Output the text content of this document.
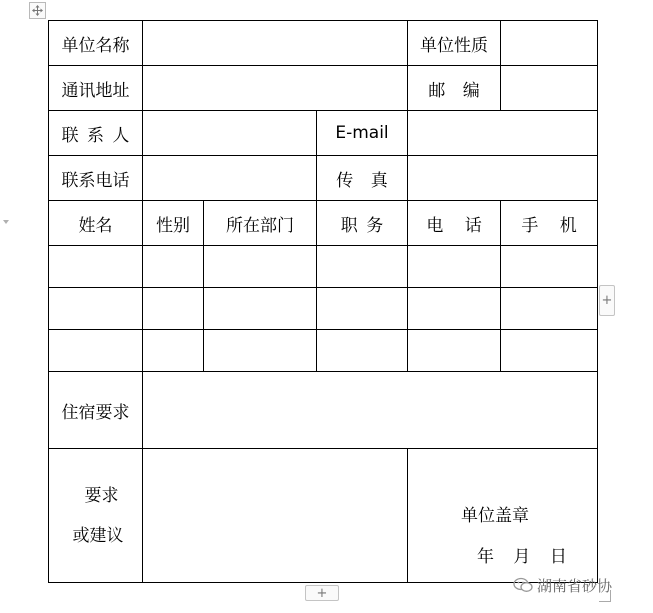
单位名称				单位性质	
通讯地址				邮 编	
联 系 人			E-mail		
联系电话			传 真		
姓名	性别	所在部门	职 务	电 话	手 机

住宿要求					

要求
或建议				单位盖章
年 月 日	
+
+	湖南省砂协
